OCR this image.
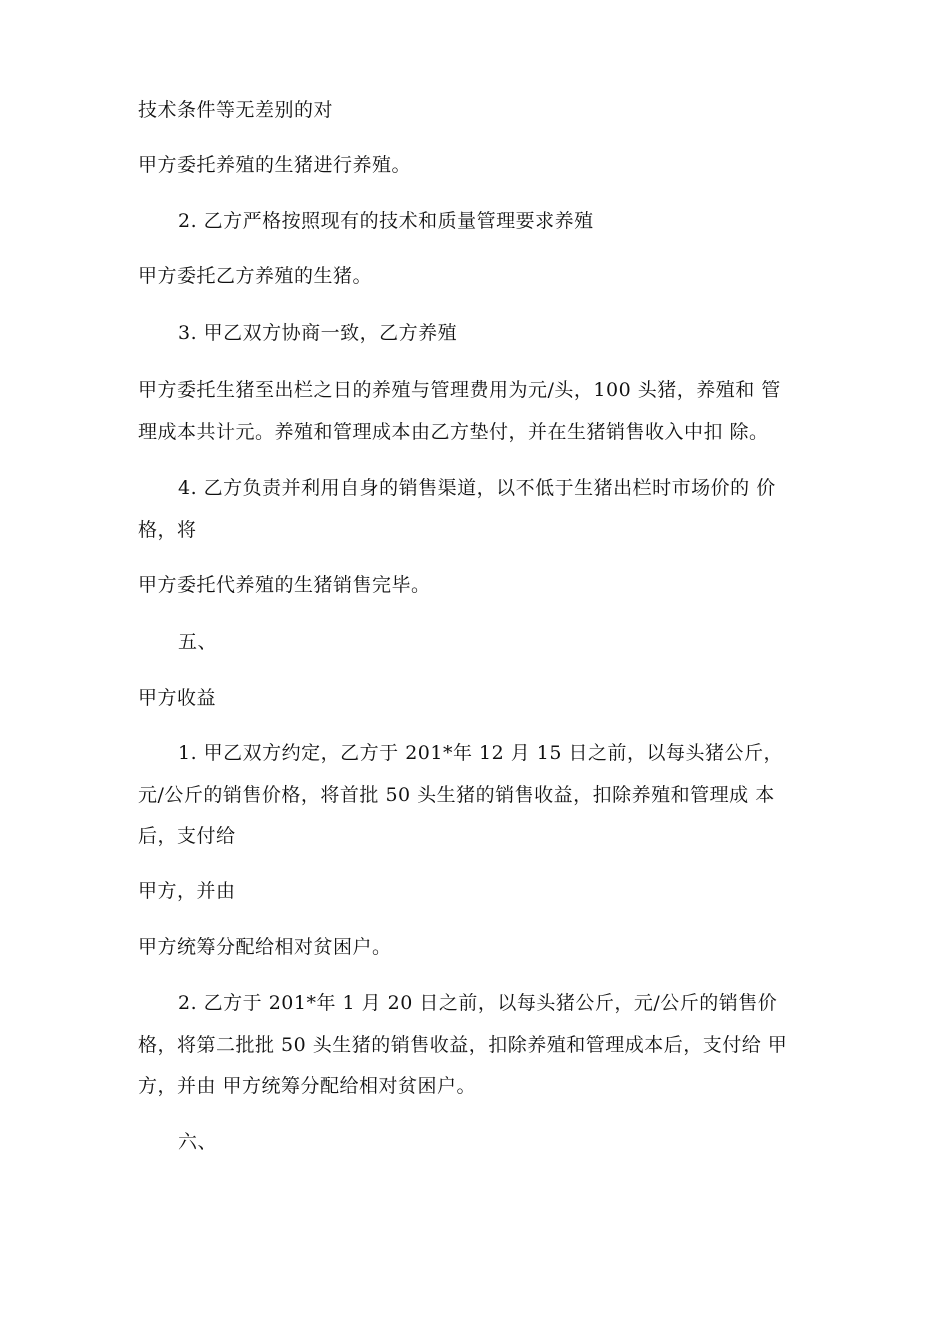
技术条件等无差别的对
甲方委托养殖的生猪进行养殖。
2. 乙方严格按照现有的技术和质量管理要求养殖
甲方委托乙方养殖的生猪。
3. 甲乙双方协商一致，乙方养殖
甲方委托生猪至出栏之日的养殖与管理费用为元/头，100 头猪，养殖和 管
理成本共计元。养殖和管理成本由乙方垫付，并在生猪销售收入中扣 除。
4. 乙方负责并利用自身的销售渠道，以不低于生猪出栏时市场价的 价
格，将
甲方委托代养殖的生猪销售完毕。
五、
甲方收益
1. 甲乙双方约定，乙方于 201*年 12 月 15 日之前，以每头猪公斤，
元/公斤的销售价格，将首批 50 头生猪的销售收益，扣除养殖和管理成 本
后，支付给
甲方，并由
甲方统筹分配给相对贫困户。
2. 乙方于 201*年 1 月 20 日之前，以每头猪公斤，元/公斤的销售价
格，将第二批批 50 头生猪的销售收益，扣除养殖和管理成本后，支付给 甲
方，并由 甲方统筹分配给相对贫困户。
六、
